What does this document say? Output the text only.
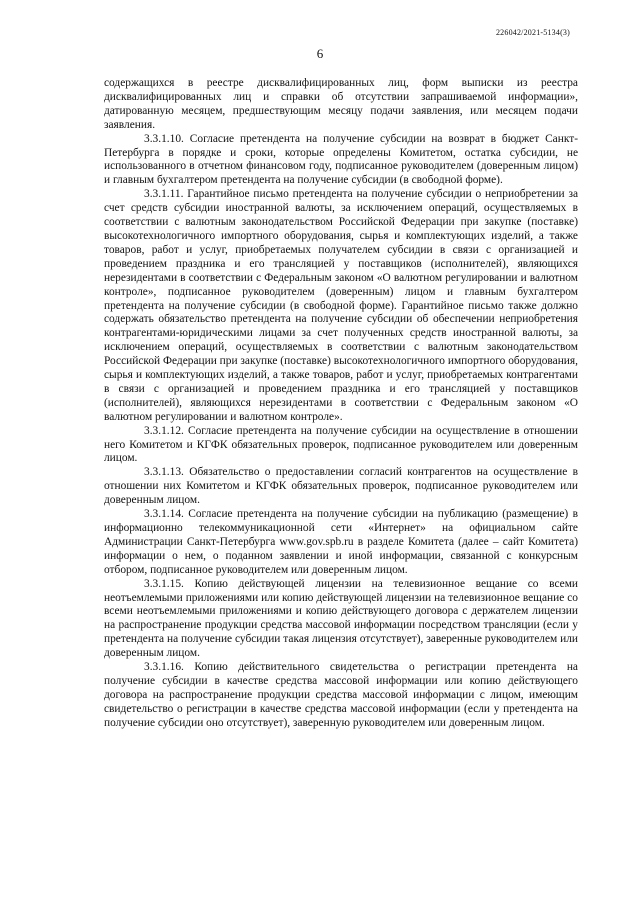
226042/2021-5134(3)
6

содержащихся в реестре дисквалифицированных лиц, форм выписки из реестра дисквалифицированных лиц и справки об отсутствии запрашиваемой информации», датированную месяцем, предшествующим месяцу подачи заявления, или месяцем подачи заявления.

3.3.1.10. Согласие претендента на получение субсидии на возврат в бюджет Санкт-Петербурга в порядке и сроки, которые определены Комитетом, остатка субсидии, не использованного в отчетном финансовом году, подписанное руководителем (доверенным лицом) и главным бухгалтером претендента на получение субсидии (в свободной форме).

3.3.1.11. Гарантийное письмо претендента на получение субсидии о неприобретении за счет средств субсидии иностранной валюты, за исключением операций, осуществляемых в соответствии с валютным законодательством Российской Федерации при закупке (поставке) высокотехнологичного импортного оборудования, сырья и комплектующих изделий, а также товаров, работ и услуг, приобретаемых получателем субсидии в связи с организацией и проведением праздника и его трансляцией у поставщиков (исполнителей), являющихся нерезидентами в соответствии с Федеральным законом «О валютном регулировании и валютном контроле», подписанное руководителем (доверенным) лицом и главным бухгалтером претендента на получение субсидии (в свободной форме). Гарантийное письмо также должно содержать обязательство претендента на получение субсидии об обеспечении неприобретения контрагентами-юридическими лицами за счет полученных средств иностранной валюты, за исключением операций, осуществляемых в соответствии с валютным законодательством Российской Федерации при закупке (поставке) высокотехнологичного импортного оборудования, сырья и комплектующих изделий, а также товаров, работ и услуг, приобретаемых контрагентами в связи с организацией и проведением праздника и его трансляцией у поставщиков (исполнителей), являющихся нерезидентами в соответствии с Федеральным законом «О валютном регулировании и валютном контроле».

3.3.1.12. Согласие претендента на получение субсидии на осуществление в отношении него Комитетом и КГФК обязательных проверок, подписанное руководителем или доверенным лицом.

3.3.1.13. Обязательство о предоставлении согласий контрагентов на осуществление в отношении них Комитетом и КГФК обязательных проверок, подписанное руководителем или доверенным лицом.

3.3.1.14. Согласие претендента на получение субсидии на публикацию (размещение) в информационно телекоммуникационной сети «Интернет» на официальном сайте Администрации Санкт-Петербурга www.gov.spb.ru в разделе Комитета (далее – сайт Комитета) информации о нем, о поданном заявлении и иной информации, связанной с конкурсным отбором, подписанное руководителем или доверенным лицом.

3.3.1.15. Копию действующей лицензии на телевизионное вещание со всеми неотъемлемыми приложениями или копию действующей лицензии на телевизионное вещание со всеми неотъемлемыми приложениями и копию действующего договора с держателем лицензии на распространение продукции средства массовой информации посредством трансляции (если у претендента на получение субсидии такая лицензия отсутствует), заверенные руководителем или доверенным лицом.

3.3.1.16. Копию действительного свидетельства о регистрации претендента на получение субсидии в качестве средства массовой информации или копию действующего договора на распространение продукции средства массовой информации с лицом, имеющим свидетельство о регистрации в качестве средства массовой информации (если у претендента на получение субсидии оно отсутствует), заверенную руководителем или доверенным лицом.
